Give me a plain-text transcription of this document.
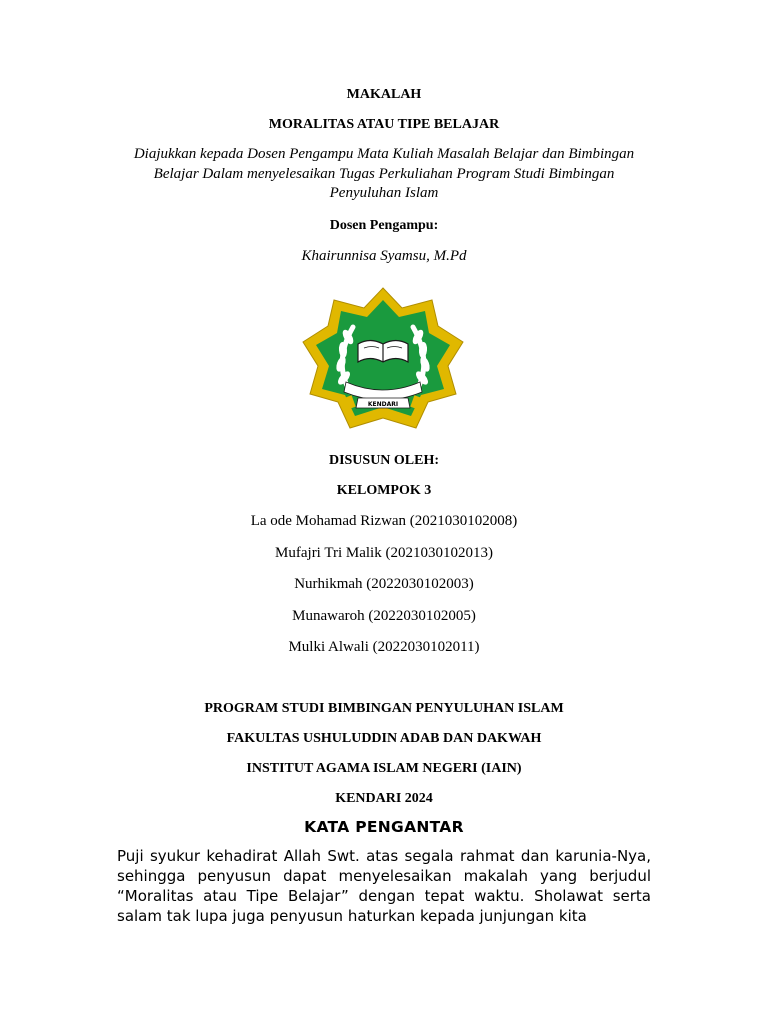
MAKALAH
MORALITAS ATAU TIPE BELAJAR
Diajukkan kepada Dosen Pengampu Mata Kuliah Masalah Belajar dan Bimbingan
Belajar Dalam menyelesaikan Tugas Perkuliahan Program Studi Bimbingan
Penyuluhan Islam
Dosen Pengampu:
Khairunnisa Syamsu, M.Pd
KENDARI
DISUSUN OLEH:
KELOMPOK 3
La ode Mohamad Rizwan (2021030102008)
Mufajri Tri Malik (2021030102013)
Nurhikmah (2022030102003)
Munawaroh (2022030102005)
Mulki Alwali (2022030102011)
PROGRAM STUDI BIMBINGAN PENYULUHAN ISLAM
FAKULTAS USHULUDDIN ADAB DAN DAKWAH
INSTITUT AGAMA ISLAM NEGERI (IAIN)
KENDARI 2024
KATA PENGANTAR
Puji syukur kehadirat Allah Swt. atas segala rahmat dan karunia-Nya, sehingga penyusun dapat menyelesaikan makalah yang berjudul “Moralitas atau Tipe Belajar” dengan tepat waktu. Sholawat serta salam tak lupa juga penyusun haturkan kepada junjungan kita
